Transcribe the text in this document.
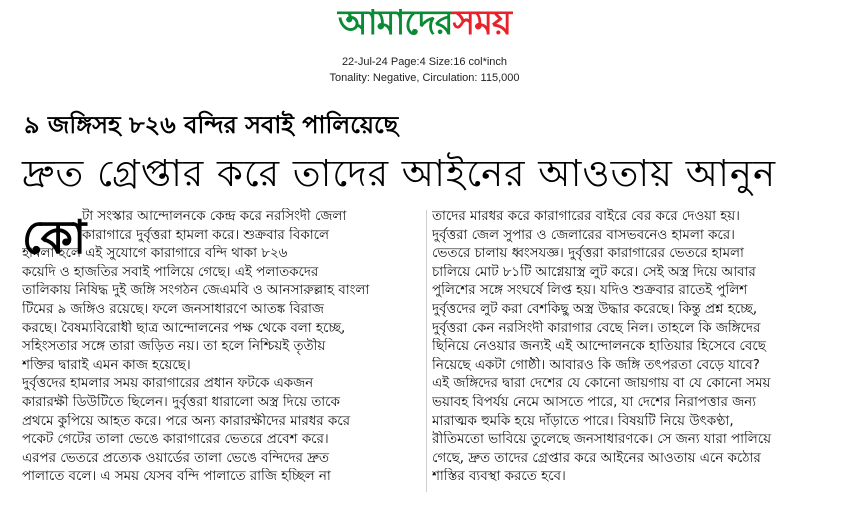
আমাদেরসময়
22-Jul-24 Page:4 Size:16 col*inch
Tonality: Negative, Circulation: 115,000
৯ জঙ্গিসহ ৮২৬ বন্দির সবাই পালিয়েছে
দ্রুত গ্রেপ্তার করে তাদের আইনের আওতায় আনুন
কো

টা সংস্কার আন্দোলনকে কেন্দ্র করে নরসিংদী জেলা

কারাগারে দুর্বৃত্তরা হামলা করে। শুক্রবার বিকালে

হামলা হলে এই সুযোগে কারাগারে বন্দি থাকা ৮২৬

কয়েদি ও হাজতির সবাই পালিয়ে গেছে। এই পলাতকদের

তালিকায় নিষিদ্ধ দুই জঙ্গি সংগঠন জেএমবি ও আনসারুল্লাহ বাংলা

টিমের ৯ জঙ্গিও রয়েছে। ফলে জনসাধারণে আতঙ্ক বিরাজ

করছে। বৈষম্যবিরোধী ছাত্র আন্দোলনের পক্ষ থেকে বলা হচ্ছে,

সহিংসতার সঙ্গে তারা জড়িত নয়। তা হলে নিশ্চিয়ই তৃতীয়

শক্তির দ্বারাই এমন কাজ হয়েছে।

দুর্বৃত্তদের হামলার সময় কারাগারের প্রধান ফটকে একজন

কারারক্ষী ডিউটিতে ছিলেন। দুর্বৃত্তরা ধারালো অস্ত্র দিয়ে তাকে

প্রথমে কুপিয়ে আহত করে। পরে অন্য কারারক্ষীদের মারধর করে

পকেট গেটের তালা ভেঙে কারাগারের ভেতরে প্রবেশ করে।

এরপর ভেতরে প্রত্যেক ওয়ার্ডের তালা ভেঙে বন্দিদের দ্রুত

পালাতে বলে। এ সময় যেসব বন্দি পালাতে রাজি হচ্ছিল না

তাদের মারধর করে কারাগারের বাইরে বের করে দেওয়া হয়।

দুর্বৃত্তরা জেল সুপার ও জেলারের বাসভবনেও হামলা করে।

ভেতরে চালায় ধ্বংসযজ্ঞ। দুর্বৃত্তরা কারাগারের ভেতরে হামলা

চালিয়ে মোট ৮১টি আগ্নেয়াস্ত্র লুট করে। সেই অস্ত্র দিয়ে আবার

পুলিশের সঙ্গে সংঘর্ষে লিপ্ত হয়। যদিও শুক্রবার রাতেই পুলিশ

দুর্বৃত্তদের লুট করা বেশকিছু অস্ত্র উদ্ধার করেছে। কিন্তু প্রশ্ন হচ্ছে,

দুর্বৃত্তরা কেন নরসিংদী কারাগার বেছে নিল। তাহলে কি জঙ্গিদের

ছিনিয়ে নেওয়ার জন্যই এই আন্দোলনকে হাতিয়ার হিসেবে বেছে

নিয়েছে একটা গোষ্ঠী। আবারও কি জঙ্গি তৎপরতা বেড়ে যাবে?

এই জঙ্গিদের দ্বারা দেশের যে কোনো জায়গায় বা যে কোনো সময়

ভয়াবহ বিপর্যয় নেমে আসতে পারে, যা দেশের নিরাপত্তার জন্য

মারাত্মক হুমকি হয়ে দাঁড়াতে পারে। বিষয়টি নিয়ে উৎকণ্ঠা,

রীতিমতো ভাবিয়ে তুলেছে জনসাধারণকে। সে জন্য যারা পালিয়ে

গেছে, দ্রুত তাদের গ্রেপ্তার করে আইনের আওতায় এনে কঠোর

শাস্তির ব্যবস্থা করতে হবে।
